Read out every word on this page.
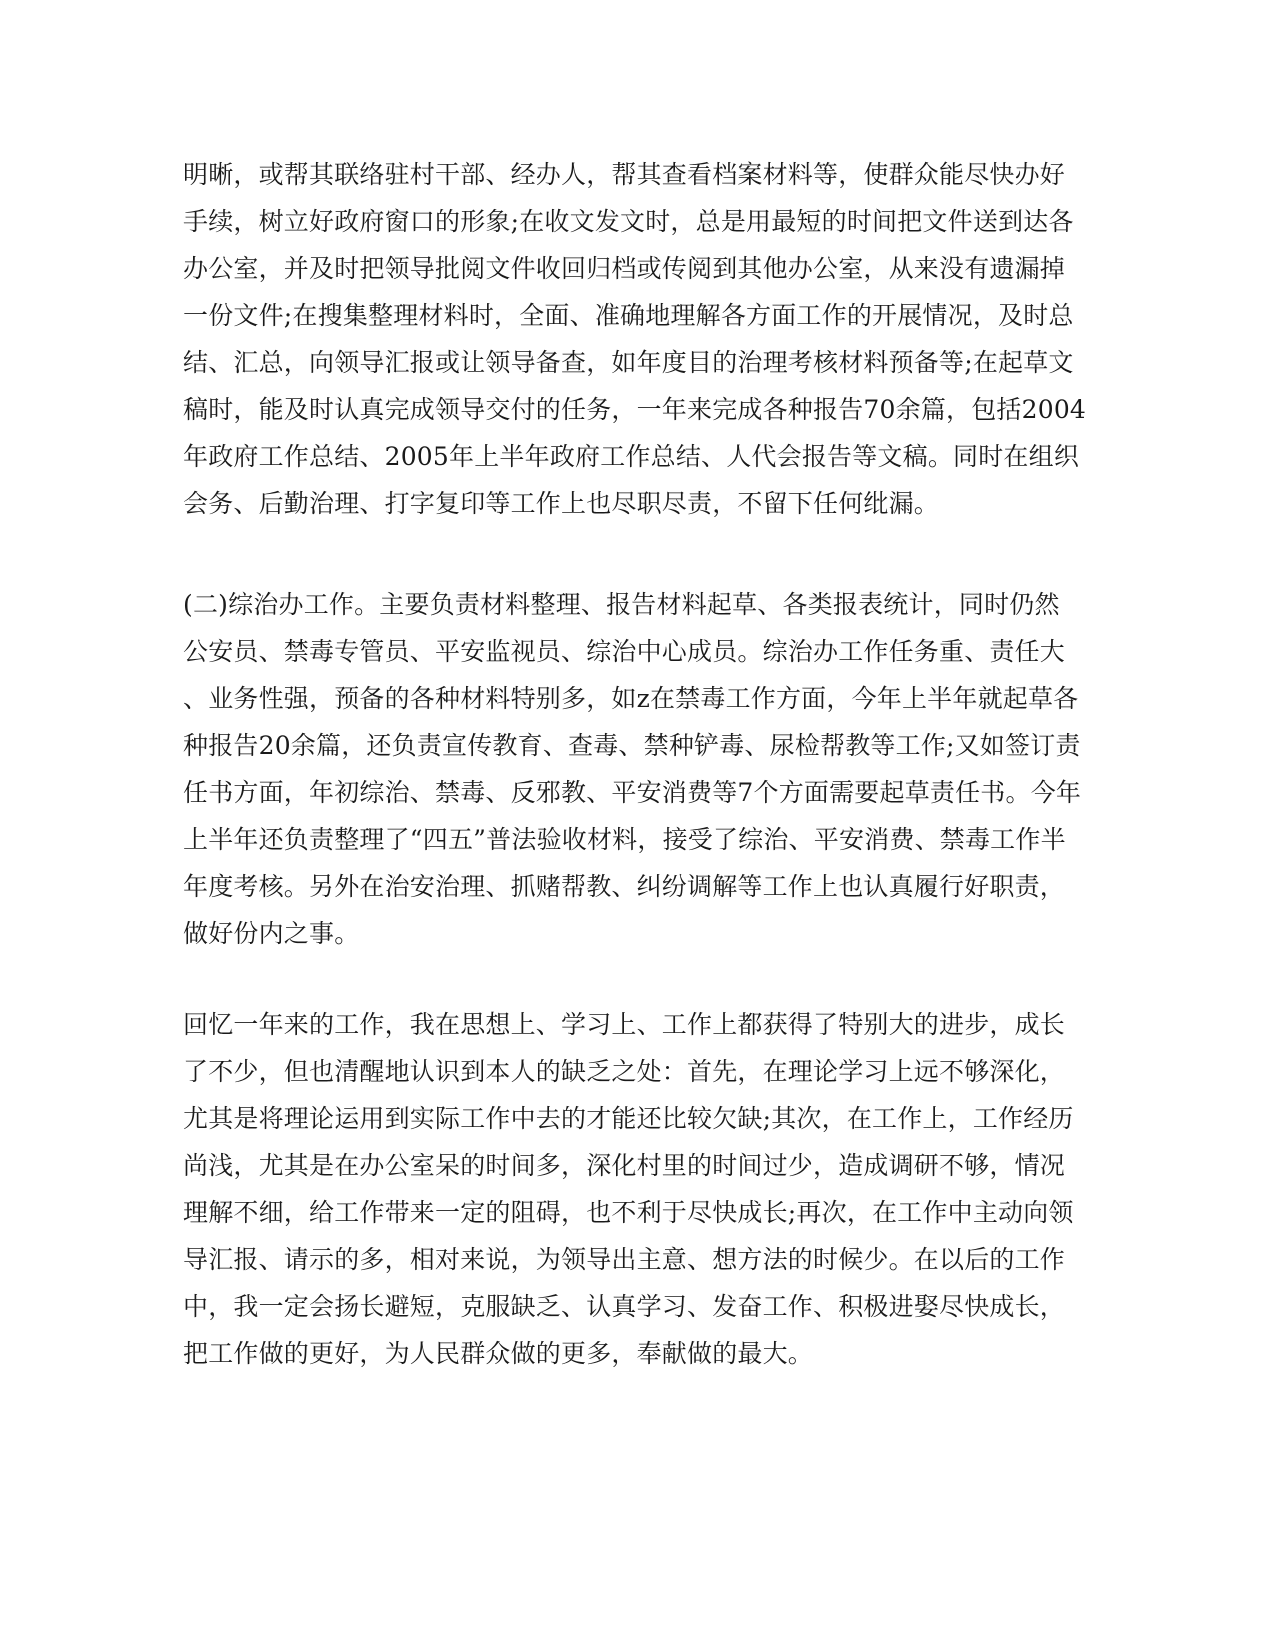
明晰，或帮其联络驻村干部、经办人，帮其查看档案材料等，使群众能尽快办好
手续，树立好政府窗口的形象;在收文发文时，总是用最短的时间把文件送到达各
办公室，并及时把领导批阅文件收回归档或传阅到其他办公室，从来没有遗漏掉
一份文件;在搜集整理材料时，全面、准确地理解各方面工作的开展情况，及时总
结、汇总，向领导汇报或让领导备查，如年度目的治理考核材料预备等;在起草文
稿时，能及时认真完成领导交付的任务，一年来完成各种报告70余篇，包括2004
年政府工作总结、2005年上半年政府工作总结、人代会报告等文稿。同时在组织
会务、后勤治理、打字复印等工作上也尽职尽责，不留下任何纰漏。
(二)综治办工作。主要负责材料整理、报告材料起草、各类报表统计，同时仍然
公安员、禁毒专管员、平安监视员、综治中心成员。综治办工作任务重、责任大
、业务性强，预备的各种材料特别多，如z在禁毒工作方面，今年上半年就起草各
种报告20余篇，还负责宣传教育、查毒、禁种铲毒、尿检帮教等工作;又如签订责
任书方面，年初综治、禁毒、反邪教、平安消费等7个方面需要起草责任书。今年
上半年还负责整理了“四五”普法验收材料，接受了综治、平安消费、禁毒工作半
年度考核。另外在治安治理、抓赌帮教、纠纷调解等工作上也认真履行好职责，
做好份内之事。
回忆一年来的工作，我在思想上、学习上、工作上都获得了特别大的进步，成长
了不少，但也清醒地认识到本人的缺乏之处：首先，在理论学习上远不够深化，
尤其是将理论运用到实际工作中去的才能还比较欠缺;其次，在工作上，工作经历
尚浅，尤其是在办公室呆的时间多，深化村里的时间过少，造成调研不够，情况
理解不细，给工作带来一定的阻碍，也不利于尽快成长;再次，在工作中主动向领
导汇报、请示的多，相对来说，为领导出主意、想方法的时候少。在以后的工作
中，我一定会扬长避短，克服缺乏、认真学习、发奋工作、积极进娶尽快成长，
把工作做的更好，为人民群众做的更多，奉献做的最大。
